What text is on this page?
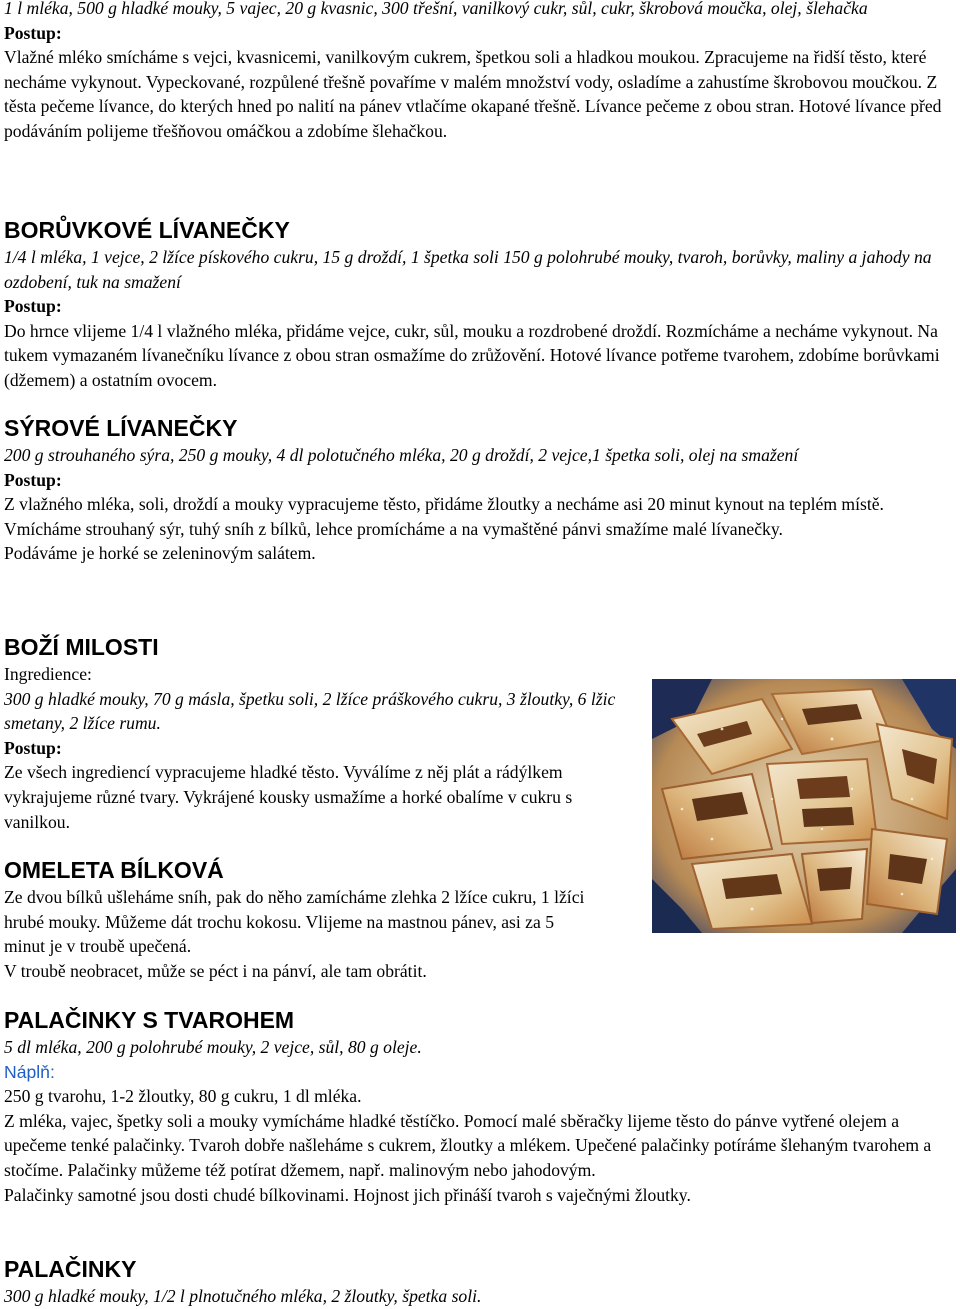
1 l mléka, 500 g hladké mouky, 5 vajec, 20 g kvasnic, 300 třešní, vanilkový cukr, sůl, cukr, škrobová moučka, olej, šlehačka

Postup:

Vlažné mléko smícháme s vejci, kvasnicemi, vanilkovým cukrem, špetkou soli a hladkou moukou. Zpracujeme na řidší těsto, které necháme vykynout. Vypeckované, rozpůlené třešně povaříme v malém množství vody, osladíme a zahustíme škrobovou moučkou. Z těsta pečeme lívance, do kterých hned po nalití na pánev vtlačíme okapané třešně. Lívance pečeme z obou stran. Hotové lívance před podáváním polijeme třešňovou omáčkou a zdobíme šlehačkou.

BORŮVKOVÉ LÍVANEČKY

1/4 l mléka, 1 vejce, 2 lžíce pískového cukru, 15 g droždí, 1 špetka soli 150 g polohrubé mouky, tvaroh, borůvky, maliny a jahody na ozdobení, tuk na smažení

Postup:

Do hrnce vlijeme 1/4 l vlažného mléka, přidáme vejce, cukr, sůl, mouku a rozdrobené droždí. Rozmícháme a necháme vykynout. Na tukem vymazaném lívanečníku lívance z obou stran osmažíme do zrůžovění. Hotové lívance potřeme tvarohem, zdobíme borůvkami (džemem) a ostatním ovocem.

SÝROVÉ LÍVANEČKY

200 g strouhaného sýra, 250 g mouky, 4 dl polotučného mléka, 20 g droždí, 2 vejce,1 špetka soli, olej na smažení

Postup:

Z vlažného mléka, soli, droždí a mouky vypracujeme těsto, přidáme žloutky a necháme asi 20 minut kynout na teplém místě. Vmícháme strouhaný sýr, tuhý sníh z bílků, lehce promícháme a na vymaštěné pánvi smažíme malé lívanečky.

Podáváme je horké se zeleninovým salátem.

BOŽÍ MILOSTI

Ingredience:

300 g hladké mouky, 70 g másla, špetku soli, 2 lžíce práškového cukru, 3 žloutky, 6 lžic smetany, 2 lžíce rumu.

Postup:

Ze všech ingrediencí vypracujeme hladké těsto. Vyválíme z něj plát a rádýlkem vykrajujeme různé tvary. Vykrájené kousky usmažíme a horké obalíme v cukru s vanilkou.

OMELETA BÍLKOVÁ

Ze dvou bílků ušleháme sníh, pak do něho zamícháme zlehka 2 lžíce cukru, 1 lžíci hrubé mouky. Můžeme dát trochu kokosu. Vlijeme na mastnou pánev, asi za 5 minut je v troubě upečená.

V troubě neobracet, může se péct i na pánví, ale tam obrátit.

PALAČINKY S TVAROHEM

5 dl mléka, 200 g polohrubé mouky, 2 vejce, sůl, 80 g oleje.

Náplň:

250 g tvarohu, 1-2 žloutky, 80 g cukru, 1 dl mléka.

Z mléka, vajec, špetky soli a mouky vymícháme hladké těstíčko. Pomocí malé sběračky lijeme těsto do pánve vytřené olejem a upečeme tenké palačinky. Tvaroh dobře našleháme s cukrem, žloutky a mlékem. Upečené palačinky potíráme šlehaným tvarohem a stočíme. Palačinky můžeme též potírat džemem, např. malinovým nebo jahodovým.

Palačinky samotné jsou dosti chudé bílkovinami. Hojnost jich přináší tvaroh s vaječnými žloutky.

PALAČINKY

300 g hladké mouky, 1/2 l plnotučného mléka, 2 žloutky, špetka soli.
